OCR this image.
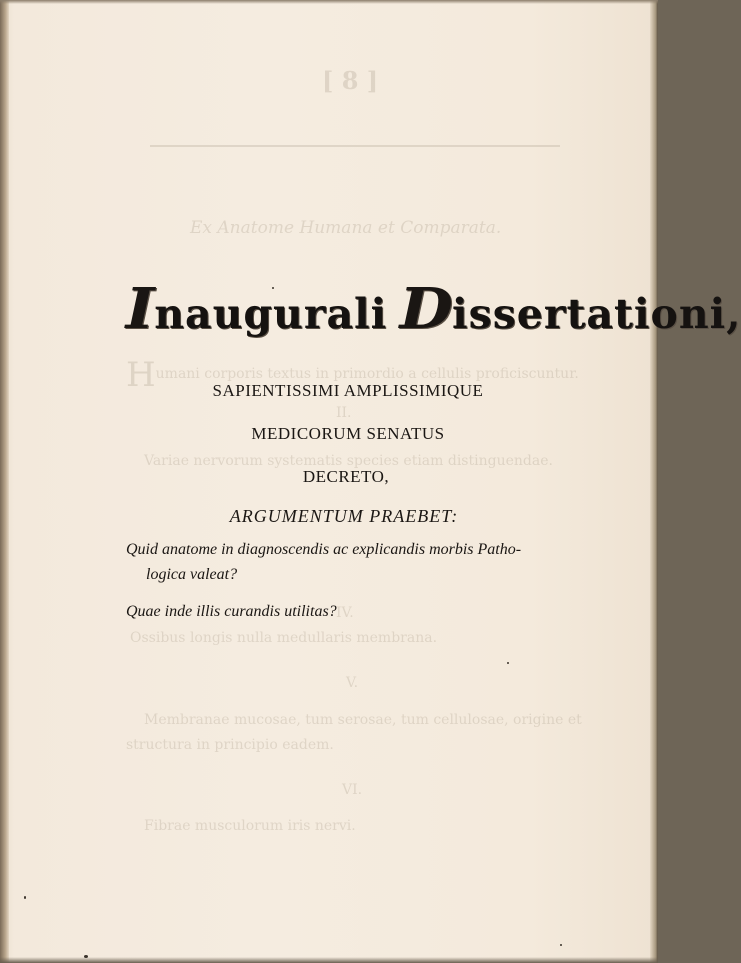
[ 8 ]
Ex Anatome Humana et Comparata.
Humani corporis textus in primordio a cellulis proficiscuntur.
II.
Variae nervorum systematis species etiam distinguendae.
IV.
Ossibus longis nulla medullaris membrana.
V.
Membranae mucosae, tum serosae, tum cellulosae, origine et
structura in principio eadem.
VI.
Fibrae musculorum iris nervi.
Inaugurali Dissertationi,
SAPIENTISSIMI AMPLISSIMIQUE
MEDICORUM SENATUS
DECRETO,
ARGUMENTUM PRAEBET:
Quid anatome in diagnoscendis ac explicandis morbis Patho-
logica valeat?
Quae inde illis curandis utilitas?
